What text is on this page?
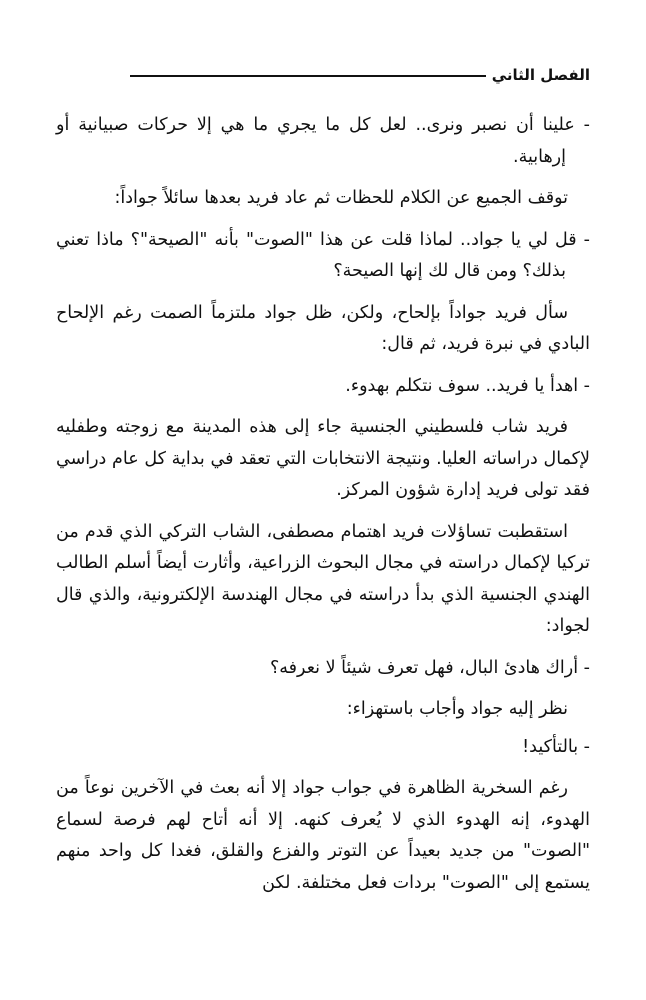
الفصل الثاني

- علينا أن نصبر ونرى.. لعل كل ما يجري ما هي إلا حركات صبيانية أو إرهابية.

توقف الجميع عن الكلام للحظات ثم عاد فريد بعدها سائلاً جواداً:

- قل لي يا جواد.. لماذا قلت عن هذا "الصوت" بأنه "الصيحة"؟ ماذا تعني بذلك؟ ومن قال لك إنها الصيحة؟

سأل فريد جواداً بإلحاح، ولكن، ظل جواد ملتزماً الصمت رغم الإلحاح البادي في نبرة فريد، ثم قال:

- اهدأ يا فريد.. سوف نتكلم بهدوء.

فريد شاب فلسطيني الجنسية جاء إلى هذه المدينة مع زوجته وطفليه لإكمال دراساته العليا. ونتيجة الانتخابات التي تعقد في بداية كل عام دراسي فقد تولى فريد إدارة شؤون المركز.

استقطبت تساؤلات فريد اهتمام مصطفى، الشاب التركي الذي قدم من تركيا لإكمال دراسته في مجال البحوث الزراعية، وأثارت أيضاً أسلم الطالب الهندي الجنسية الذي بدأ دراسته في مجال الهندسة الإلكترونية، والذي قال لجواد:

- أراك هادئ البال، فهل تعرف شيئاً لا نعرفه؟

نظر إليه جواد وأجاب باستهزاء:

- بالتأكيد!

رغم السخرية الظاهرة في جواب جواد إلا أنه بعث في الآخرين نوعاً من الهدوء، إنه الهدوء الذي لا يُعرف كنهه. إلا أنه أتاح لهم فرصة لسماع "الصوت" من جديد بعيداً عن التوتر والفزع والقلق، فغدا كل واحد منهم يستمع إلى "الصوت" بردات فعل مختلفة. لكن
